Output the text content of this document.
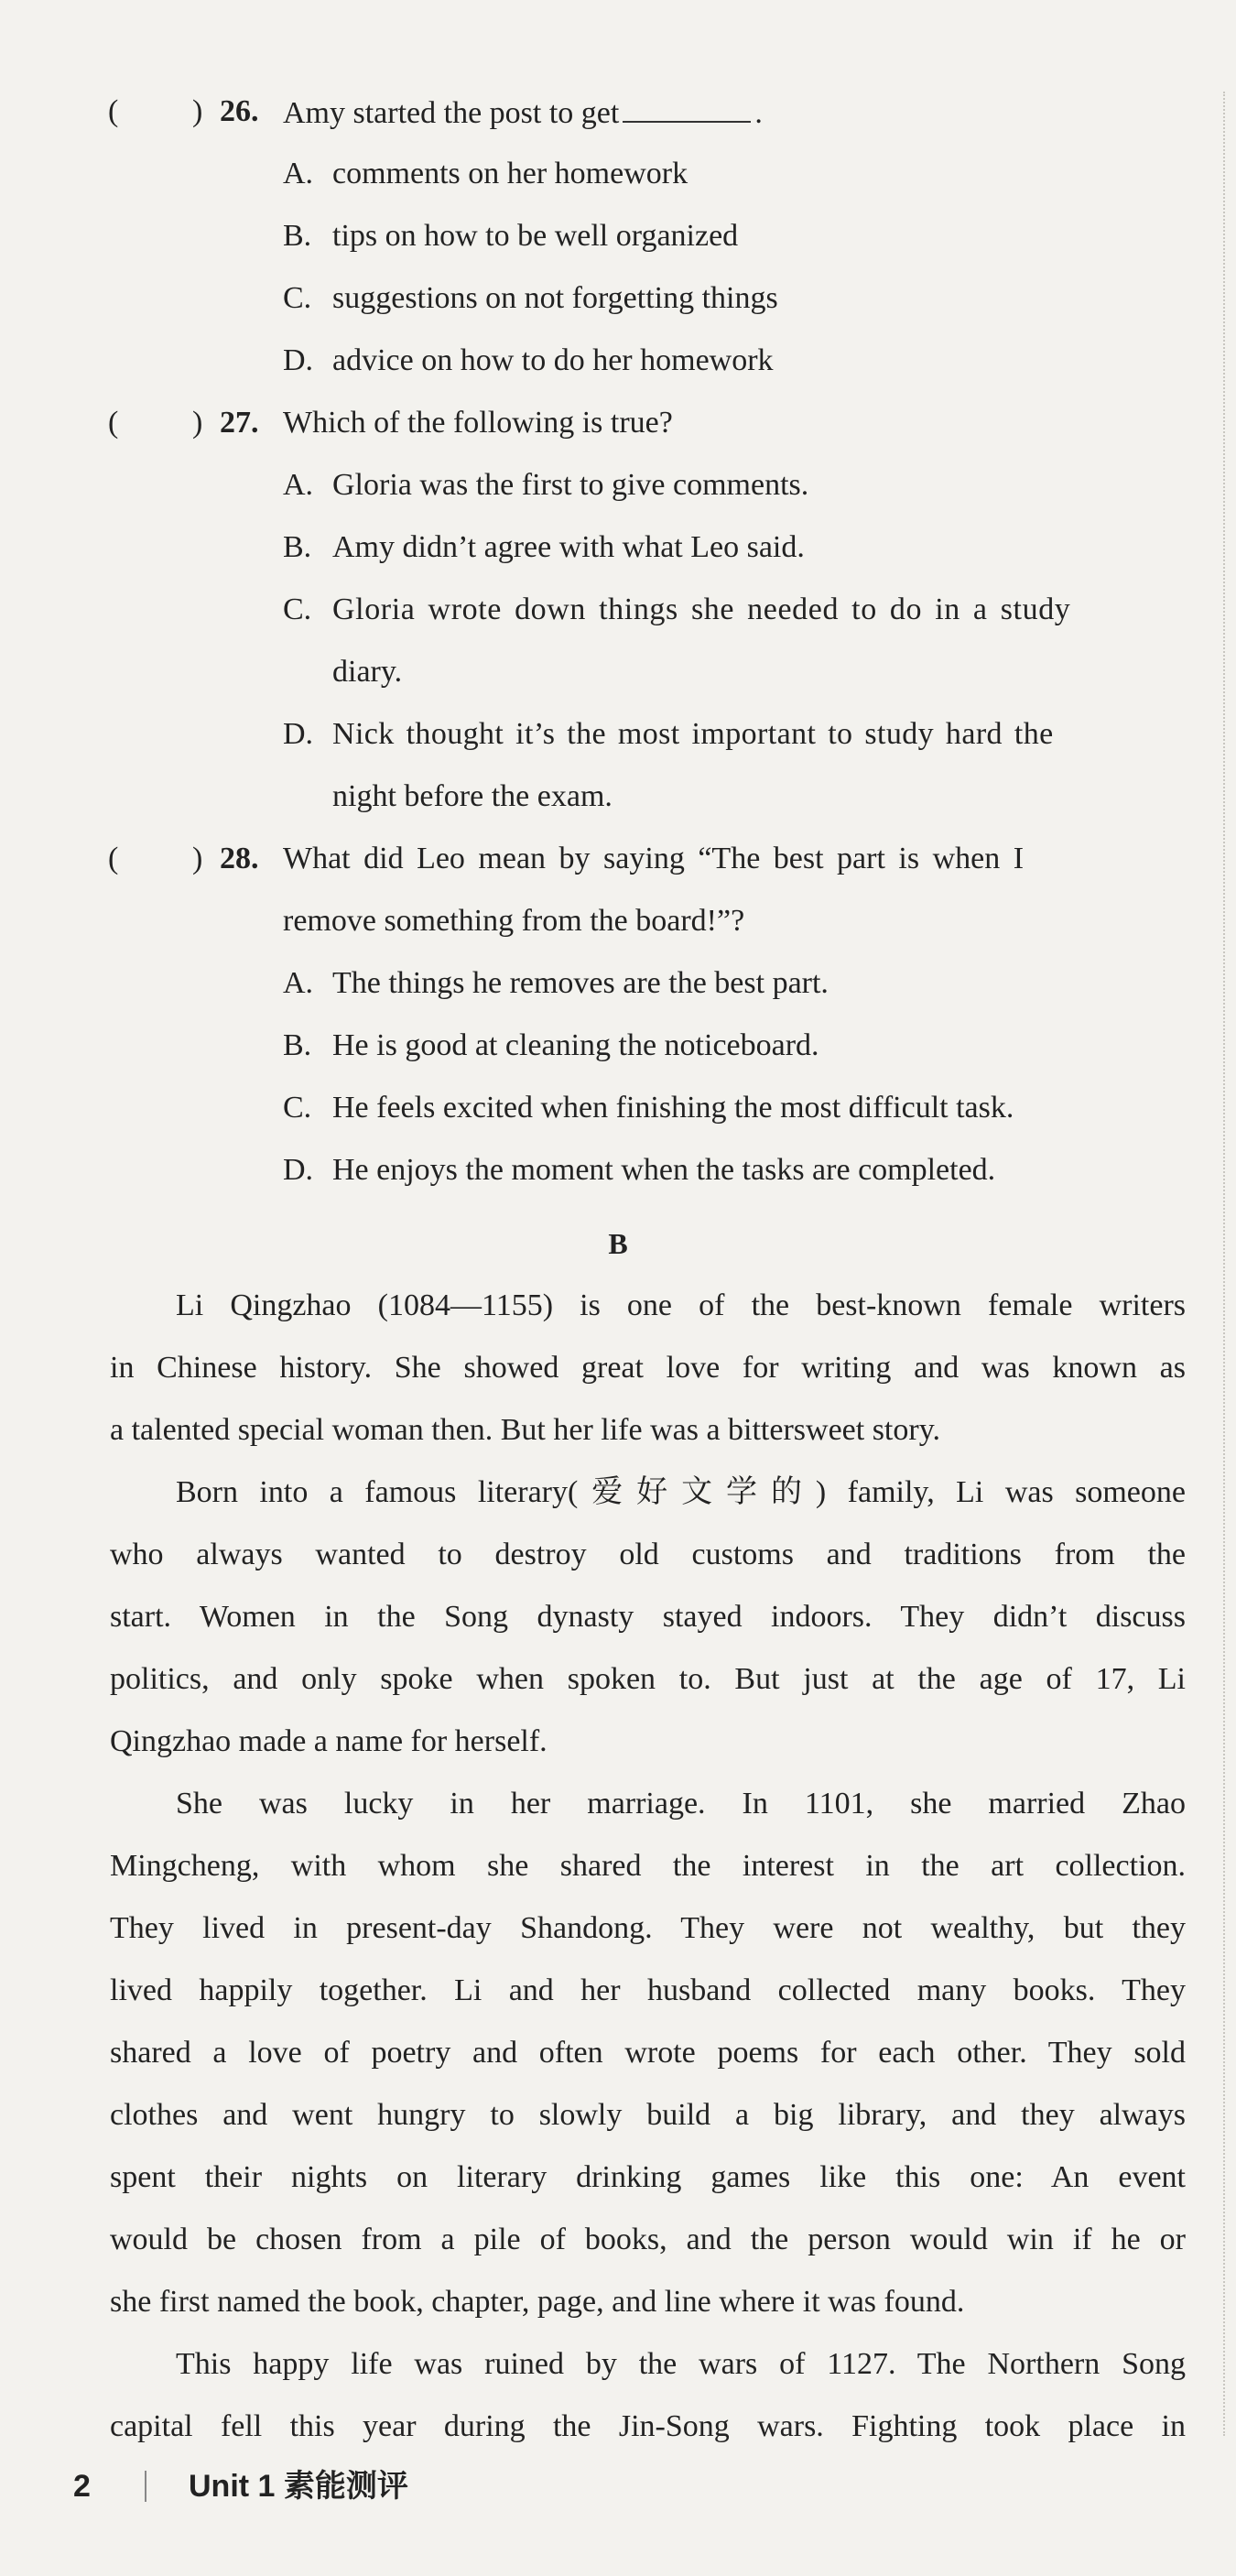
( ) 26. Amy started the post to get	.
A. comments on her homework
B. tips on how to be well organized
C. suggestions on not forgetting things
D. advice on how to do her homework
( ) 27. Which of the following is true?
A. Gloria was the first to give comments.
B. Amy didn’t agree with what Leo said.
C. Gloria wrote down things she needed to do in a study
diary.
D. Nick thought it’s the most important to study hard the
night before the exam.
( ) 28. What did Leo mean by saying “The best part is when I
remove something from the board!”?
A. The things he removes are the best part.
B. He is good at cleaning the noticeboard.
C. He feels excited when finishing the most difficult task.
D. He enjoys the moment when the tasks are completed.
B
Li Qingzhao (1084—1155) is one of the best-known female writers
in Chinese history. She showed great love for writing and was known as
a talented special woman then. But her life was a bittersweet story.
Born into a famous literary(爱好文学的) family, Li was someone
who always wanted to destroy old customs and traditions from the
start. Women in the Song dynasty stayed indoors. They didn’t discuss
politics, and only spoke when spoken to. But just at the age of 17, Li
Qingzhao made a name for herself.
She was lucky in her marriage. In 1101, she married Zhao
Mingcheng, with whom she shared the interest in the art collection.
They lived in present-day Shandong. They were not wealthy, but they
lived happily together. Li and her husband collected many books. They
shared a love of poetry and often wrote poems for each other. They sold
clothes and went hungry to slowly build a big library, and they always
spent their nights on literary drinking games like this one: An event
would be chosen from a pile of books, and the person would win if he or
she first named the book, chapter, page, and line where it was found.
This happy life was ruined by the wars of 1127. The Northern Song
capital fell this year during the Jin-Song wars. Fighting took place in
2	Unit 1 素能测评
